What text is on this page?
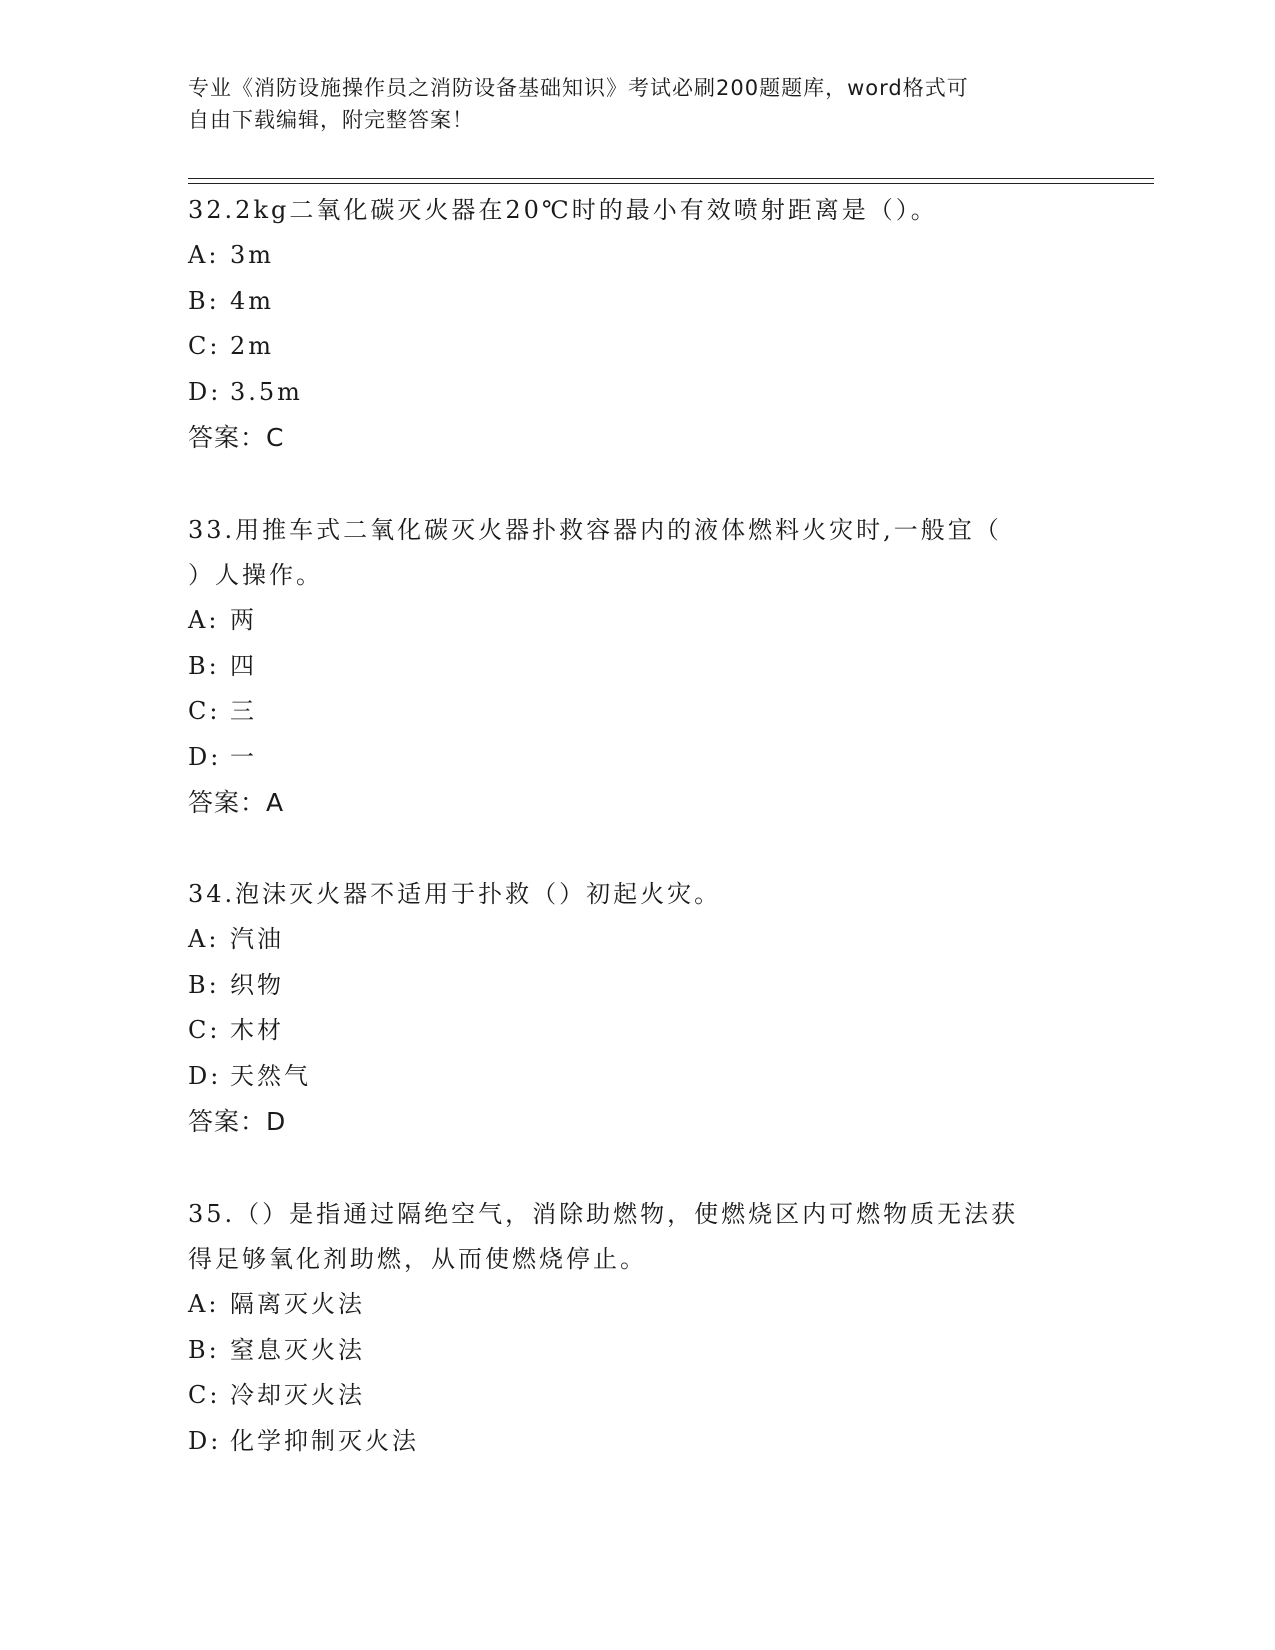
专业《消防设施操作员之消防设备基础知识》考试必刷200题题库，word格式可
自由下载编辑，附完整答案！
32.2kg二氧化碳灭火器在20℃时的最小有效喷射距离是（）。
A: 3m
B: 4m
C: 2m
D: 3.5m
答案：C
33.用推车式二氧化碳灭火器扑救容器内的液体燃料火灾时,一般宜（
）人操作。
A: 两
B: 四
C: 三
D: 一
答案：A
34.泡沫灭火器不适用于扑救（）初起火灾。
A: 汽油
B: 织物
C: 木材
D: 天然气
答案：D
35.（）是指通过隔绝空气，消除助燃物，使燃烧区内可燃物质无法获
得足够氧化剂助燃，从而使燃烧停止。
A: 隔离灭火法
B: 窒息灭火法
C: 冷却灭火法
D: 化学抑制灭火法
